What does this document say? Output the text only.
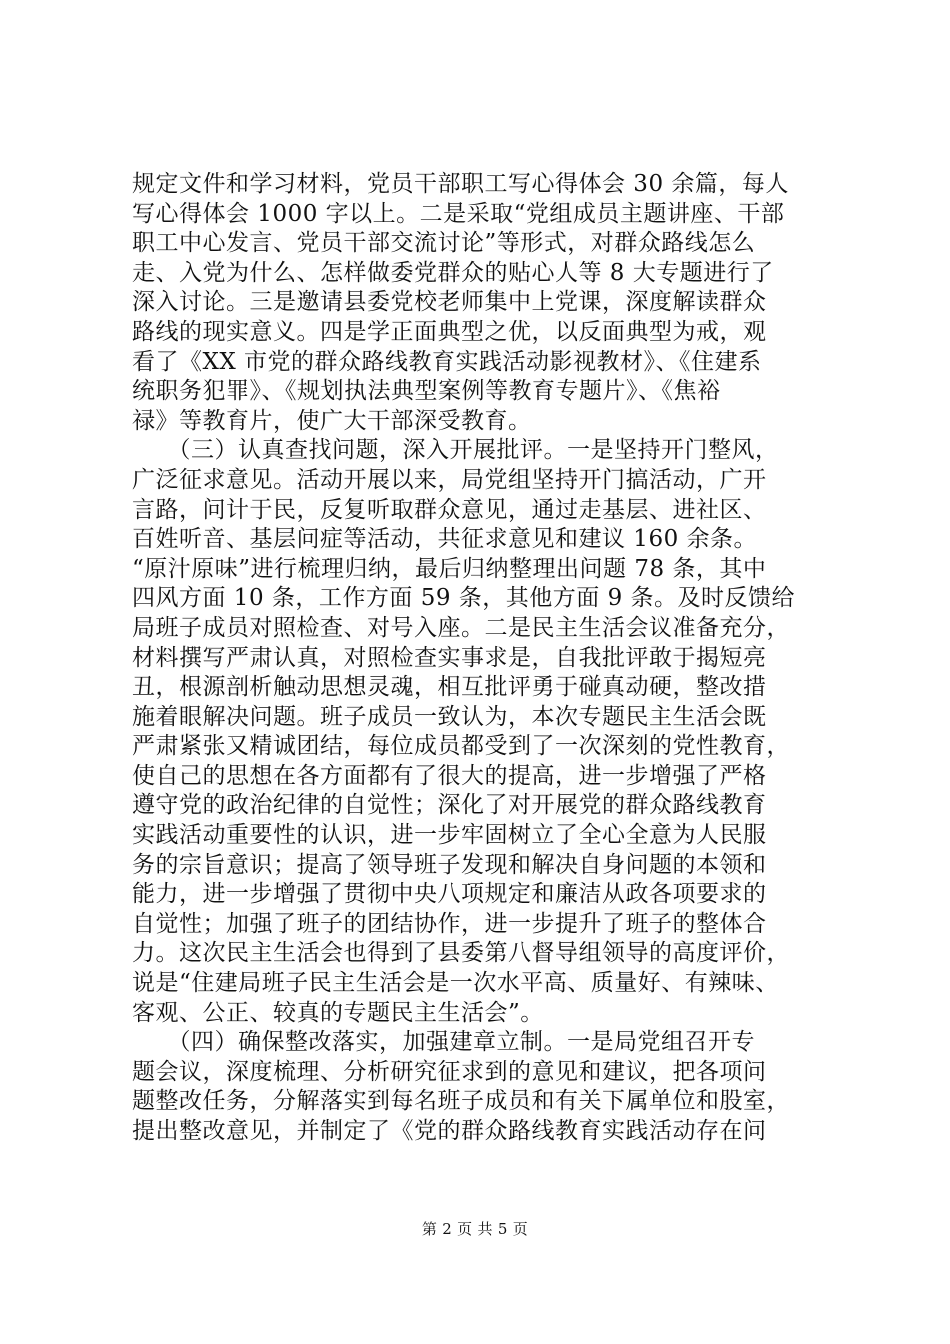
规定文件和学习材料，党员干部职工写心得体会 30 余篇，每人
写心得体会 1000 字以上。二是采取“党组成员主题讲座、干部
职工中心发言、党员干部交流讨论”等形式，对群众路线怎么
走、入党为什么、怎样做委党群众的贴心人等 8 大专题进行了
深入讨论。三是邀请县委党校老师集中上党课，深度解读群众
路线的现实意义。四是学正面典型之优，以反面典型为戒，观
看了《XX 市党的群众路线教育实践活动影视教材》、《住建系
统职务犯罪》、《规划执法典型案例等教育专题片》、《焦裕
禄》等教育片，使广大干部深受教育。
　　（三）认真查找问题，深入开展批评。一是坚持开门整风，
广泛征求意见。活动开展以来，局党组坚持开门搞活动，广开
言路，问计于民，反复听取群众意见，通过走基层、进社区、
百姓听音、基层问症等活动，共征求意见和建议 160 余条。
“原汁原味”进行梳理归纳，最后归纳整理出问题 78 条，其中
四风方面 10 条，工作方面 59 条，其他方面 9 条。及时反馈给
局班子成员对照检查、对号入座。二是民主生活会议准备充分，
材料撰写严肃认真，对照检查实事求是，自我批评敢于揭短亮
丑，根源剖析触动思想灵魂，相互批评勇于碰真动硬，整改措
施着眼解决问题。班子成员一致认为，本次专题民主生活会既
严肃紧张又精诚团结，每位成员都受到了一次深刻的党性教育，
使自己的思想在各方面都有了很大的提高，进一步增强了严格
遵守党的政治纪律的自觉性；深化了对开展党的群众路线教育
实践活动重要性的认识，进一步牢固树立了全心全意为人民服
务的宗旨意识；提高了领导班子发现和解决自身问题的本领和
能力，进一步增强了贯彻中央八项规定和廉洁从政各项要求的
自觉性；加强了班子的团结协作，进一步提升了班子的整体合
力。这次民主生活会也得到了县委第八督导组领导的高度评价，
说是“住建局班子民主生活会是一次水平高、质量好、有辣味、
客观、公正、较真的专题民主生活会”。
　　（四）确保整改落实，加强建章立制。一是局党组召开专
题会议，深度梳理、分析研究征求到的意见和建议，把各项问
题整改任务，分解落实到每名班子成员和有关下属单位和股室，
提出整改意见，并制定了《党的群众路线教育实践活动存在问
第 2 页 共 5 页
